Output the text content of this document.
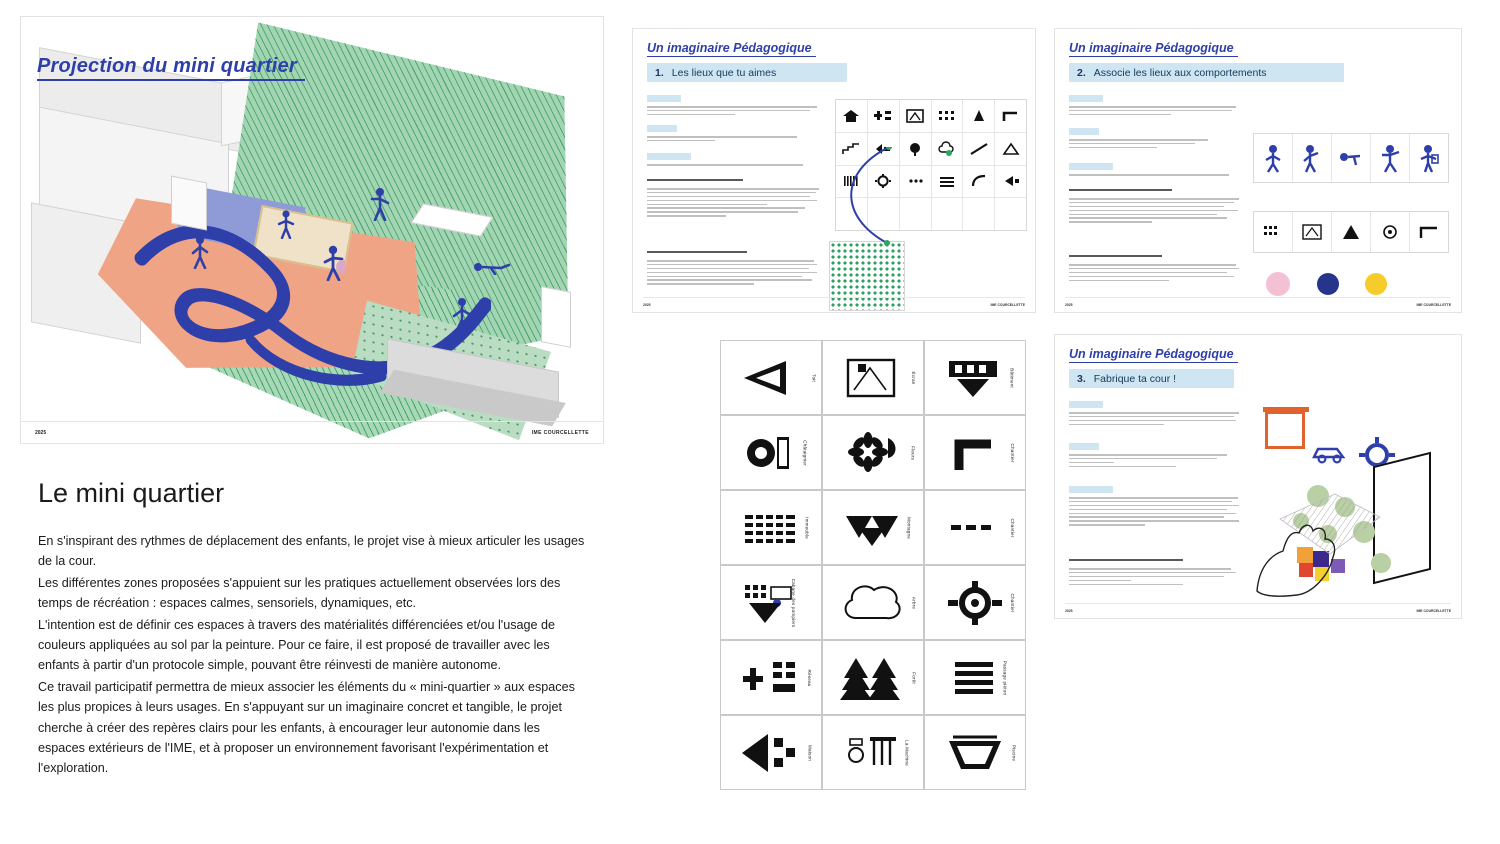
Projection du mini quartier
2025	IME COURCELLETTE
Le mini quartier

En s'inspirant des rythmes de déplacement des enfants, le projet vise à mieux articuler les usages de la cour.

Les différentes zones proposées s'appuient sur les pratiques actuellement observées lors des temps de récréation : espaces calmes, sensoriels, dynamiques, etc.

L'intention est de définir ces espaces à travers des matérialités différenciées et/ou l'usage de couleurs appliquées au sol par la peinture. Pour ce faire, il est proposé de travailler avec les enfants à partir d'un protocole simple, pouvant être réinvesti de manière autonome.

Ce travail participatif permettra de mieux associer les éléments du « mini-quartier » aux espaces les plus propices à leurs usages. En s'appuyant sur un imaginaire concret et tangible, le projet cherche à créer des repères clairs pour les enfants, à encourager leur autonomie dans les espaces extérieurs de l'IME, et à proposer un environnement favorisant l'expérimentation et l'exploration.

Un imaginaire Pédagogique
1. Les lieux que tu aimes
2025	IME COURCELLETTE
Un imaginaire Pédagogique
2. Associe les lieux aux comportements
2025	IME COURCELLETTE
Un imaginaire Pédagogique
3. Fabrique ta cour !
2025	IME COURCELLETTE
Toit	Écran	Bâtiment
Châtaignier	Fleurs	Chantier
Immeuble	Montagne	Chantier
Cabane des pompiers	Arbre	Chantier
Réseau	Forêt	Passage piéton
Maison	La Machine	Piscine
